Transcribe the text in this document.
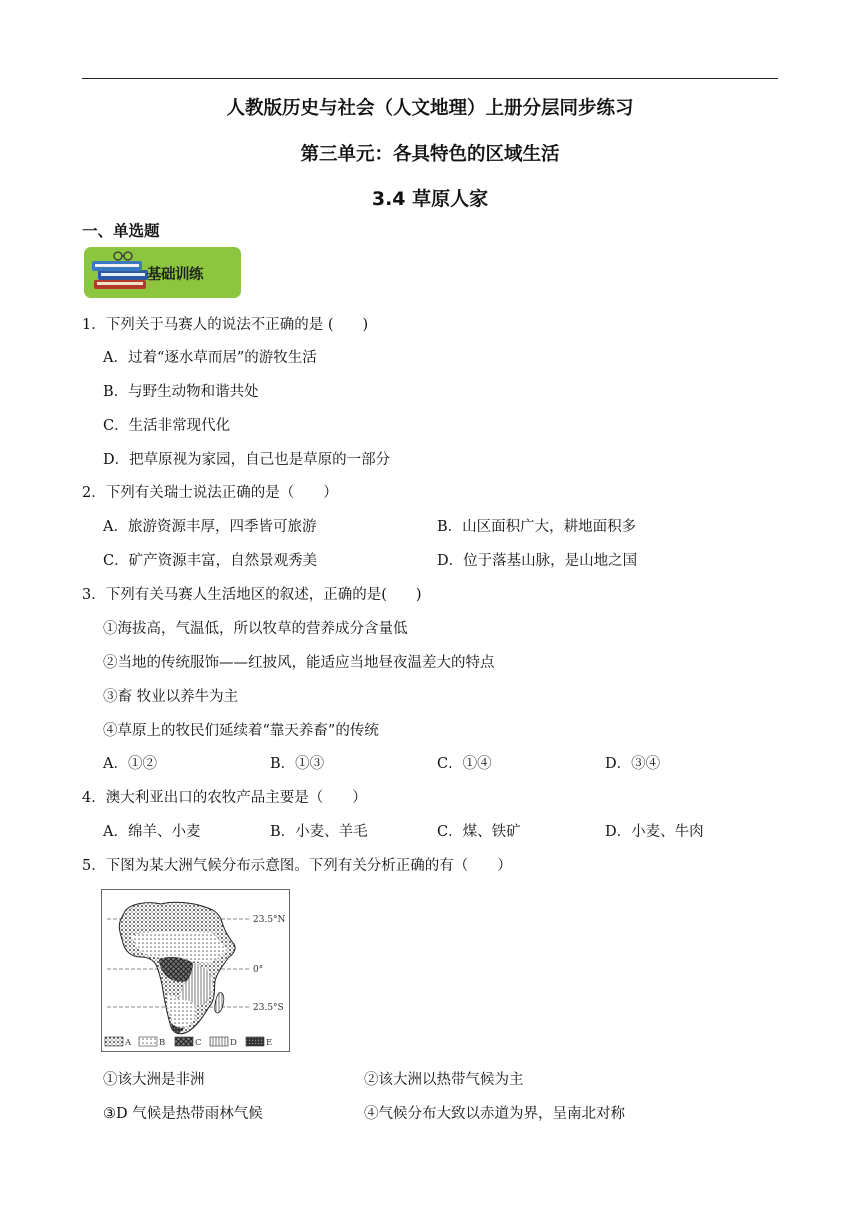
人教版历史与社会（人文地理）上册分层同步练习
第三单元：各具特色的区域生活
3.4 草原人家
一、单选题
基础训练
1．下列关于马赛人的说法不正确的是 (　　)
A．过着“逐水草而居”的游牧生活
B．与野生动物和谐共处
C．生活非常现代化
D．把草原视为家园，自己也是草原的一部分
2．下列有关瑞士说法正确的是（　　）
A．旅游资源丰厚，四季皆可旅游	B．山区面积广大，耕地面积多
C．矿产资源丰富，自然景观秀美	D．位于落基山脉，是山地之国
3．下列有关马赛人生活地区的叙述，正确的是(　　)
①海拔高，气温低，所以牧草的营养成分含量低
②当地的传统服饰——红披风，能适应当地昼夜温差大的特点
③畜 牧业以养牛为主
④草原上的牧民们延续着“靠天养畜”的传统
A．①②	B．①③	C．①④	D．③④
4．澳大利亚出口的农牧产品主要是（　　）
A．绵羊、小麦	B．小麦、羊毛	C．煤、铁矿	D．小麦、牛肉
5．下图为某大洲气候分布示意图。下列有关分析正确的有（　　）
23.5°N
0°
23.5°S
A	B	C	D	E
①该大洲是非洲	②该大洲以热带气候为主
③D 气候是热带雨林气候	④气候分布大致以赤道为界，呈南北对称
